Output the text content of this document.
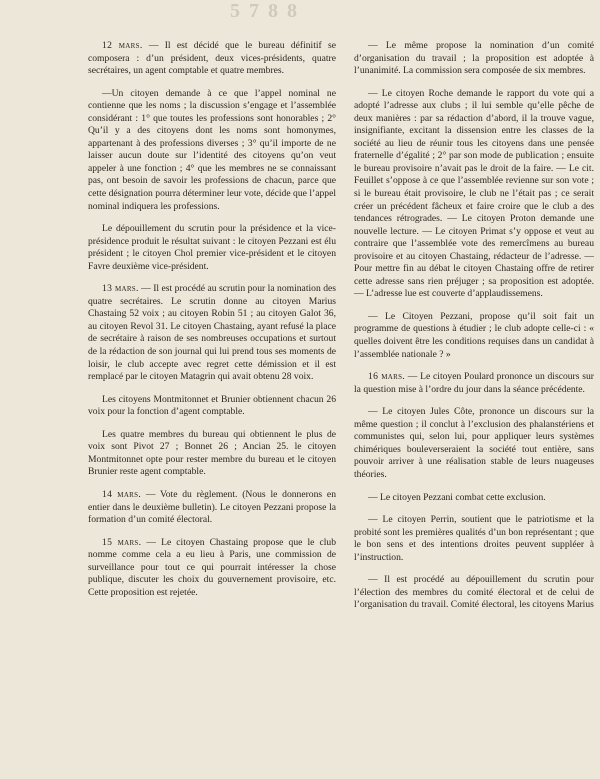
5 7 8 8

12 mars. — Il est décidé que le bureau définitif se composera : d’un président, deux vices-présidents, quatre secrétaires, un agent comptable et quatre membres.

—Un citoyen demande à ce que l’appel nominal ne contienne que les noms ; la discussion s’engage et l’assemblée considérant : 1° que toutes les professions sont honorables ; 2° Qu’il y a des citoyens dont les noms sont homonymes, appartenant à des professions diverses ; 3° qu’il importe de ne laisser aucun doute sur l’identité des citoyens qu’on veut appeler à une fonction ; 4° que les membres ne se connaissant pas, ont besoin de savoir les professions de chacun, parce que cette désignation pourra déterminer leur vote, décide que l’appel nominal indiquera les professions.

Le dépouillement du scrutin pour la présidence et la vice-présidence produit le résultat suivant : le citoyen Pezzani est élu président ; le citoyen Chol premier vice-président et le citoyen Favre deuxième vice-président.

13 mars. — Il est procédé au scrutin pour la nomination des quatre secrétaires. Le scrutin donne au citoyen Marius Chastaing 52 voix ; au citoyen Robin 51 ; au citoyen Galot 36, au citoyen Revol 31. Le citoyen Chastaing, ayant refusé la place de secrétaire à raison de ses nombreuses occupations et surtout de la rédaction de son journal qui lui prend tous ses moments de loisir, le club accepte avec regret cette démission et il est remplacé par le citoyen Matagrin qui avait obtenu 28 voix.

Les citoyens Montmitonnet et Brunier obtiennent chacun 26 voix pour la fonction d’agent comptable.

Les quatre membres du bureau qui obtiennent le plus de voix sont Pivot 27 ; Bonnet 26 ; Ancian 25. le citoyen Montmitonnet opte pour rester membre du bureau et le citoyen Brunier reste agent comptable.

14 mars. — Vote du règlement. (Nous le donnerons en entier dans le deuxième bulletin). Le citoyen Pezzani propose la formation d’un comité électoral.

15 mars. — Le citoyen Chastaing propose que le club nomme comme cela a eu lieu à Paris, une commission de surveillance pour tout ce qui pourrait intéresser la chose publique, discuter les choix du gouvernement provisoire, etc. Cette proposition est rejetée.

— Le même propose la nomination d’un comité d’organisation du travail ; la proposition est adoptée à l’unanimité. La commission sera composée de six membres.

— Le citoyen Roche demande le rapport du vote qui a adopté l’adresse aux clubs ; il lui semble qu’elle pêche de deux manières : par sa rédaction d’abord, il la trouve vague, insignifiante, excitant la dissension entre les classes de la société au lieu de réunir tous les citoyens dans une pensée fraternelle d’égalité ; 2° par son mode de publication ; ensuite le bureau provisoire n’avait pas le droit de la faire. — Le cit. Feuillet s’oppose à ce que l’assemblée revienne sur son vote ; si le bureau était provisoire, le club ne l’était pas ; ce serait créer un précédent fâcheux et faire croire que le club a des tendances rétrogrades. — Le citoyen Proton demande une nouvelle lecture. — Le citoyen Primat s’y oppose et veut au contraire que l’assemblée vote des remercîmens au bureau provisoire et au citoyen Chastaing, rédacteur de l’adresse. — Pour mettre fin au débat le citoyen Chastaing offre de retirer cette adresse sans rien préjuger ; sa proposition est adoptée. — L’adresse lue est couverte d’applaudissemens.

— Le Citoyen Pezzani, propose qu’il soit fait un programme de questions à étudier ; le club adopte celle-ci : « quelles doivent être les conditions requises dans un candidat à l’assemblée nationale ? »

16 mars. — Le citoyen Poulard prononce un discours sur la question mise à l’ordre du jour dans la séance précédente.

— Le citoyen Jules Côte, prononce un discours sur la même question ; il conclut à l’exclusion des phalanstériens et communistes qui, selon lui, pour appliquer leurs systèmes chimériques bouleverseraient la société tout entière, sans pouvoir arriver à une réalisation stable de leurs nuageuses théories.

— Le citoyen Pezzani combat cette exclusion.

— Le citoyen Perrin, soutient que le patriotisme et la probité sont les premières qualités d’un bon représentant ; que le bon sens et des intentions droites peuvent suppléer à l’instruction.

— Il est procédé au dépouillement du scrutin pour l’élection des membres du comité électoral et de celui de l’organisation du travail. Comité électoral, les citoyens Marius
